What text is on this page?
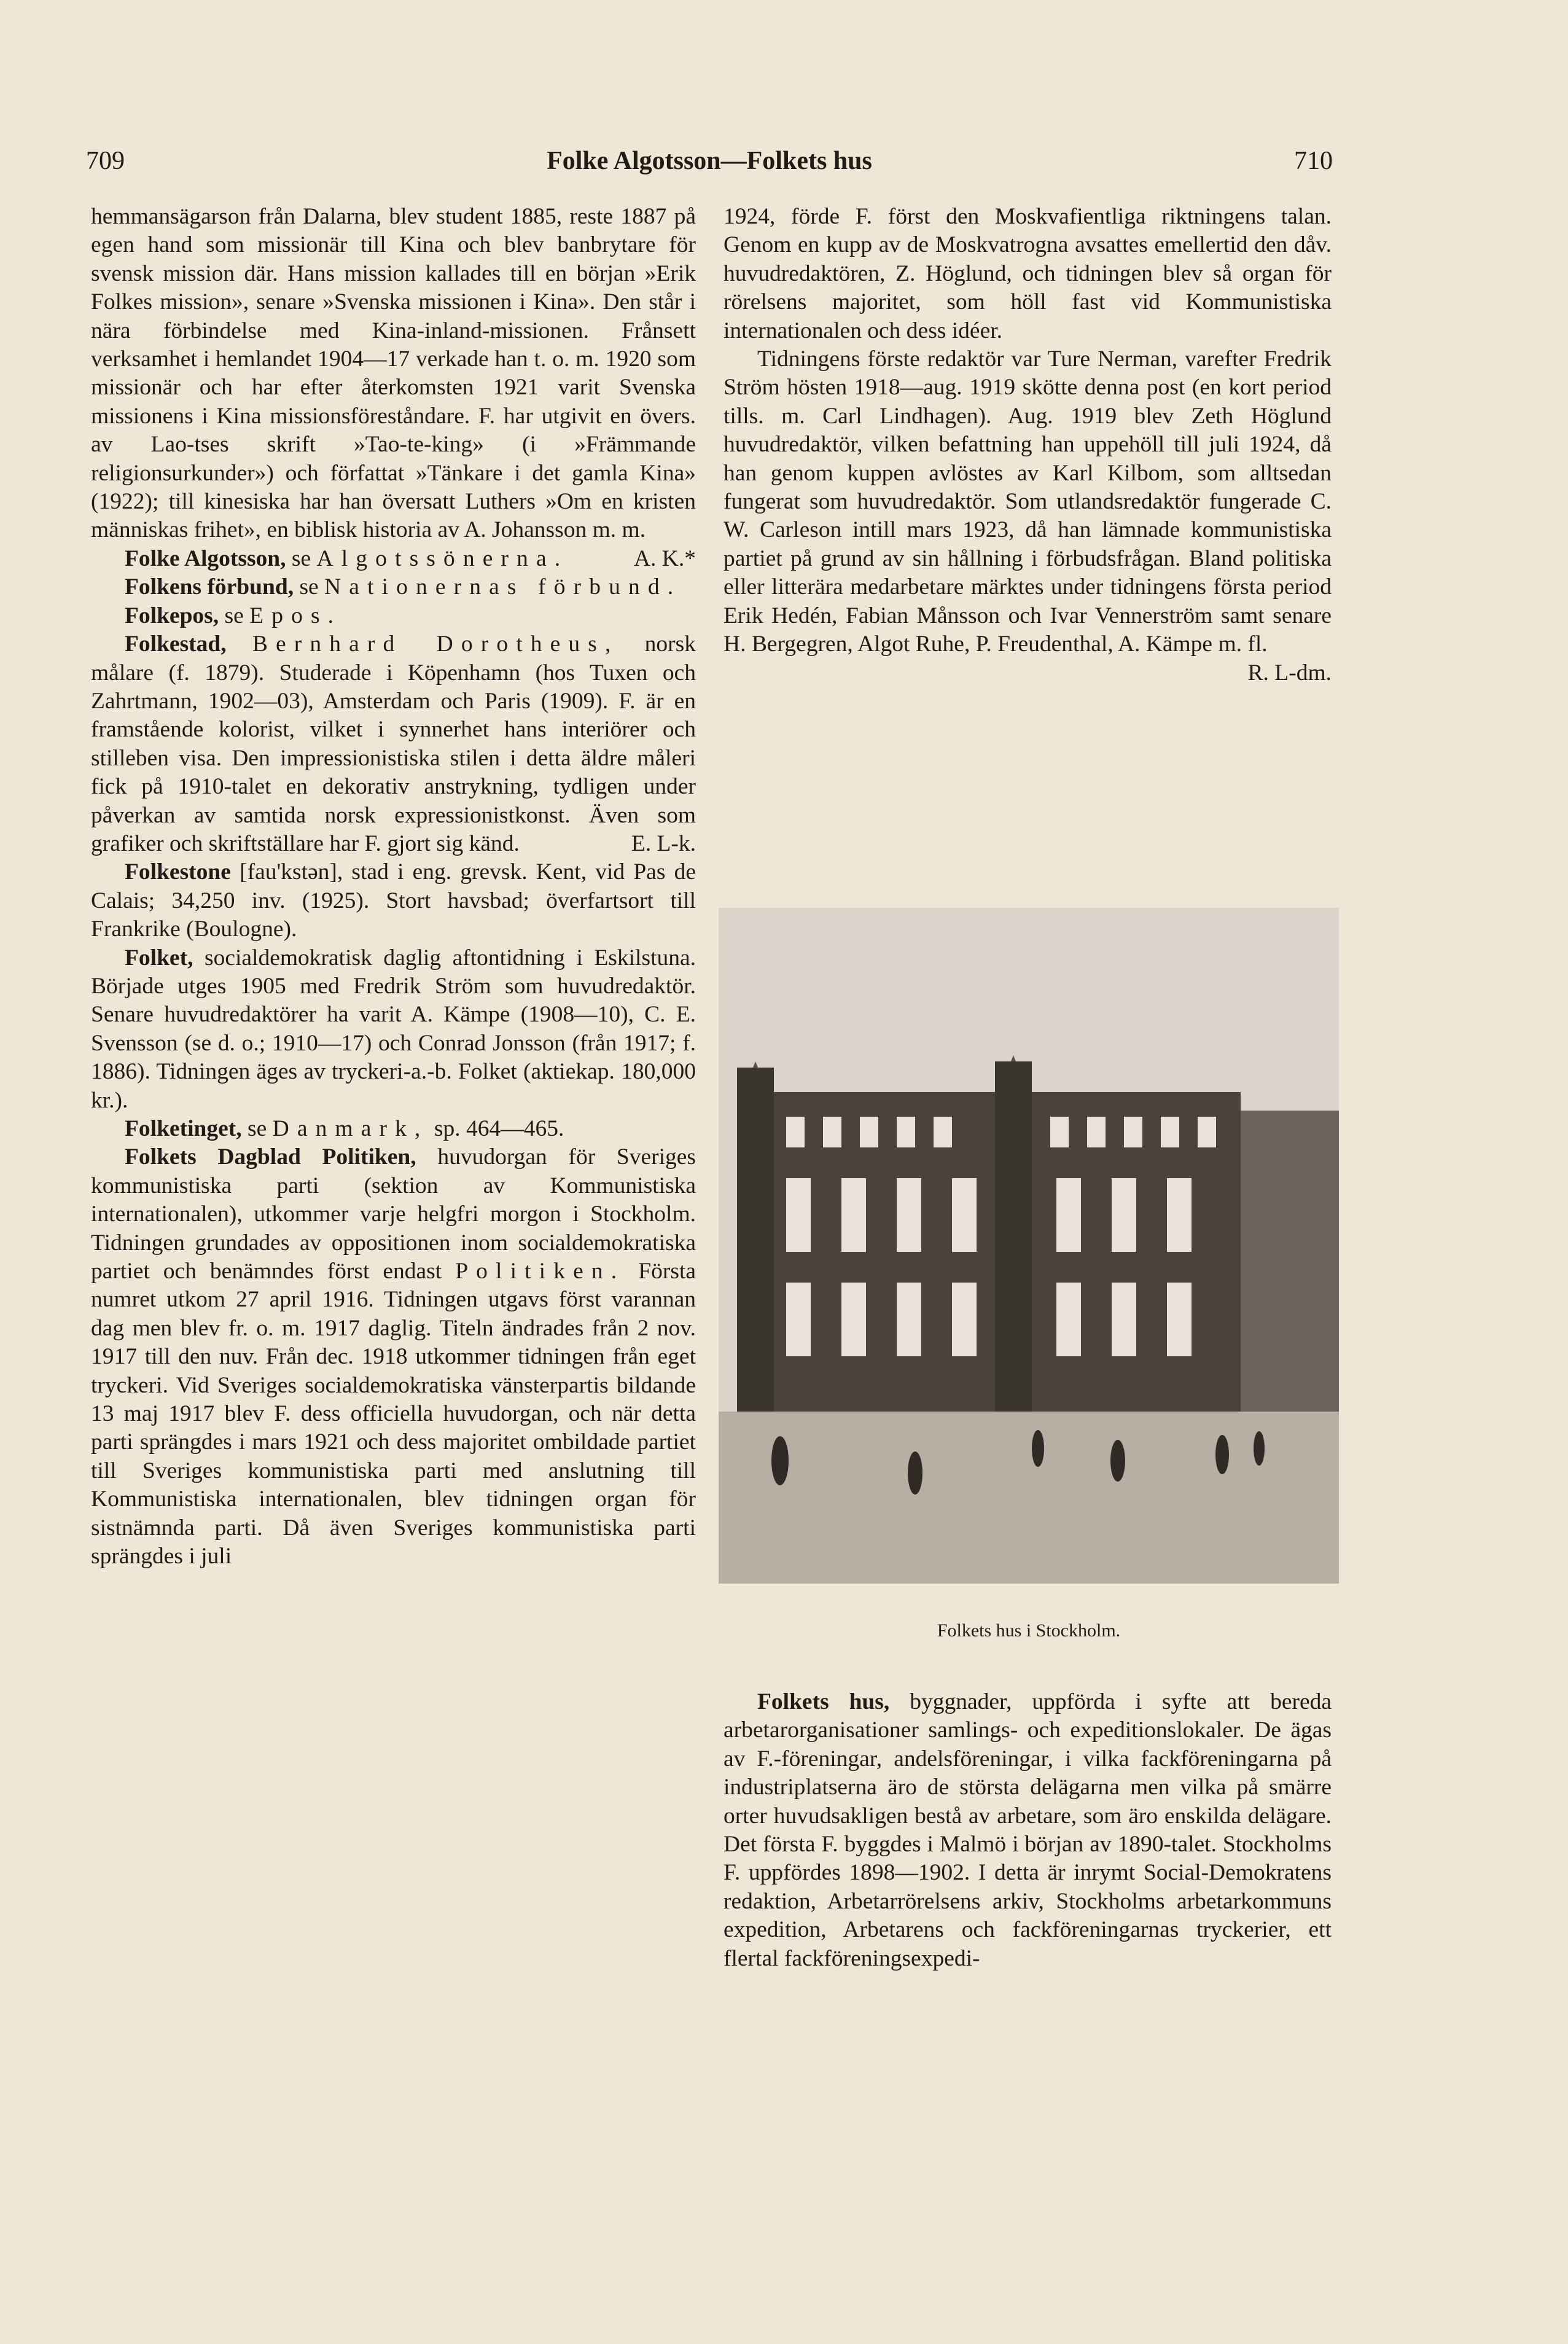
709	Folke Algotsson—Folkets hus	710

hemmansägarson från Dalarna, blev student 1885, reste 1887 på egen hand som missionär till Kina och blev banbrytare för svensk mission där. Hans mission kallades till en början »Erik Folkes mission», senare »Svenska missionen i Kina». Den står i nära förbindelse med Kina-inland-missionen. Frånsett verksamhet i hemlandet 1904—17 verkade han t. o. m. 1920 som missionär och har efter återkomsten 1921 varit Svenska missionens i Kina missionsföreståndare. F. har utgivit en övers. av Lao-tses skrift »Tao-te-king» (i »Främmande religionsurkunder») och författat »Tänkare i det gamla Kina» (1922); till kinesiska har han översatt Luthers »Om en kristen människas frihet», en biblisk historia av A. Johansson m. m.
A. K.*

Folke Algotsson, se Algotssönerna.

Folkens förbund, se Nationernas förbund.

Folkepos, se Epos.

Folkestad, Bernhard Dorotheus, norsk målare (f. 1879). Studerade i Köpenhamn (hos Tuxen och Zahrtmann, 1902—03), Amsterdam och Paris (1909). F. är en framstående kolorist, vilket i synnerhet hans interiörer och stilleben visa. Den impressionistiska stilen i detta äldre måleri fick på 1910-talet en dekorativ anstrykning, tydligen under påverkan av samtida norsk expressionistkonst. Även som grafiker och skriftställare har F. gjort sig känd.	E. L-k.

Folkestone [fau'kstən], stad i eng. grevsk. Kent, vid Pas de Calais; 34,250 inv. (1925). Stort havsbad; överfartsort till Frankrike (Boulogne).

Folket, socialdemokratisk daglig aftontidning i Eskilstuna. Började utges 1905 med Fredrik Ström som huvudredaktör. Senare huvudredaktörer ha varit A. Kämpe (1908—10), C. E. Svensson (se d. o.; 1910—17) och Conrad Jonsson (från 1917; f. 1886). Tidningen äges av tryckeri-a.-b. Folket (aktiekap. 180,000 kr.).

Folketinget, se Danmark, sp. 464—465.

Folkets Dagblad Politiken, huvudorgan för Sveriges kommunistiska parti (sektion av Kommunistiska internationalen), utkommer varje helgfri morgon i Stockholm. Tidningen grundades av oppositionen inom socialdemokratiska partiet och benämndes först endast Politiken. Första numret utkom 27 april 1916. Tidningen utgavs först varannan dag men blev fr. o. m. 1917 daglig. Titeln ändrades från 2 nov. 1917 till den nuv. Från dec. 1918 utkommer tidningen från eget tryckeri. Vid Sveriges socialdemokratiska vänsterpartis bildande 13 maj 1917 blev F. dess officiella huvudorgan, och när detta parti sprängdes i mars 1921 och dess majoritet ombildade partiet till Sveriges kommunistiska parti med anslutning till Kommunistiska internationalen, blev tidningen organ för sistnämnda parti. Då även Sveriges kommunistiska parti sprängdes i juli

1924, förde F. först den Moskvafientliga riktningens talan. Genom en kupp av de Moskvatrogna avsattes emellertid den dåv. huvudredaktören, Z. Höglund, och tidningen blev så organ för rörelsens majoritet, som höll fast vid Kommunistiska internationalen och dess idéer.

Tidningens förste redaktör var Ture Nerman, varefter Fredrik Ström hösten 1918—aug. 1919 skötte denna post (en kort period tills. m. Carl Lindhagen). Aug. 1919 blev Zeth Höglund huvudredaktör, vilken befattning han uppehöll till juli 1924, då han genom kuppen avlöstes av Karl Kilbom, som alltsedan fungerat som huvudredaktör. Som utlandsredaktör fungerade C. W. Carleson intill mars 1923, då han lämnade kommunistiska partiet på grund av sin hållning i förbudsfrågan. Bland politiska eller litterära medarbetare märktes under tidningens första period Erik Hedén, Fabian Månsson och Ivar Vennerström samt senare H. Bergegren, Algot Ruhe, P. Freudenthal, A. Kämpe m. fl.
R. L-dm.

Folkets hus i Stockholm.

Folkets hus, byggnader, uppförda i syfte att bereda arbetarorganisationer samlings- och expeditionslokaler. De ägas av F.-föreningar, andelsföreningar, i vilka fackföreningarna på industriplatserna äro de största delägarna men vilka på smärre orter huvudsakligen bestå av arbetare, som äro enskilda delägare. Det första F. byggdes i Malmö i början av 1890-talet. Stockholms F. uppfördes 1898—1902. I detta är inrymt Social-Demokratens redaktion, Arbetarrörelsens arkiv, Stockholms arbetarkommuns expedition, Arbetarens och fackföreningarnas tryckerier, ett flertal fackföreningsexpedi-
